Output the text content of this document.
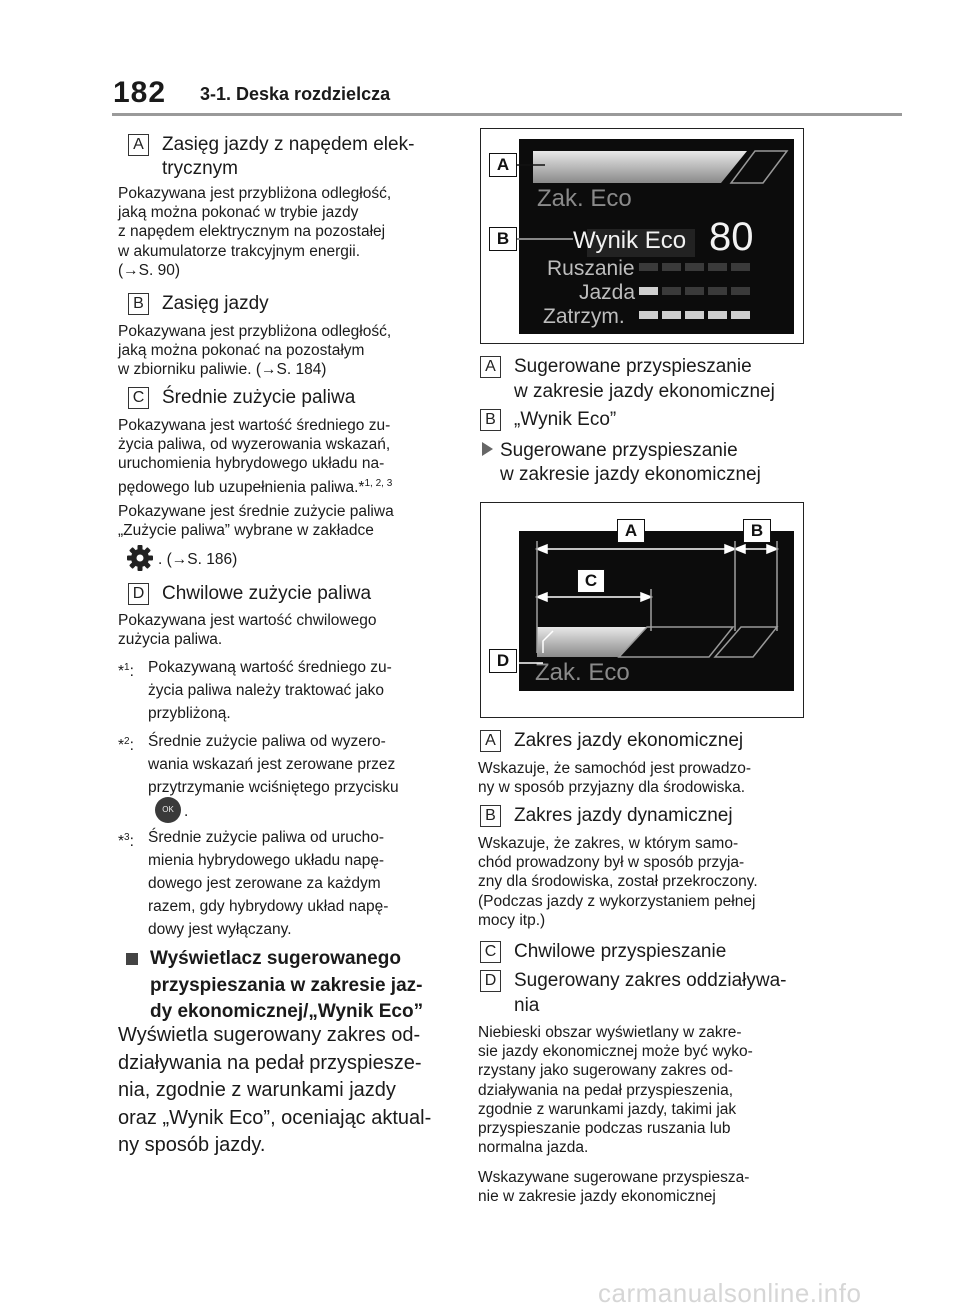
182 3-1. Deska rozdzielcza
A Zasięg jazdy z napędem elek-
trycznym
Pokazywana jest przybliżona odległość,
jaką można pokonać w trybie jazdy
z napędem elektrycznym na pozostałej
w akumulatorze trakcyjnym energii.
(→S. 90)
B Zasięg jazdy
Pokazywana jest przybliżona odległość,
jaką można pokonać na pozostałym
w zbiorniku paliwie. (→S. 184)
C Średnie zużycie paliwa
Pokazywana jest wartość średniego zu-
życia paliwa, od wyzerowania wskazań,
uruchomienia hybrydowego układu na-
pędowego lub uzupełnienia paliwa.*$^{1, 2, 3}$
Pokazywane jest średnie zużycie paliwa
„Zużycie paliwa” wybrane w zakładce
. (→S. 186)
D Chwilowe zużycie paliwa
Pokazywana jest wartość chwilowego
zużycia paliwa.

*$^1$:

Pokazywaną wartość średniego zu-
życia paliwa należy traktować jako
przybliżoną.

*$^2$:

Średnie zużycie paliwa od wyzero-
wania wskazań jest zerowane przez
przytrzymanie wciśniętego przycisku

OK .

*$^3$:

Średnie zużycie paliwa od urucho-
mienia hybrydowego układu napę-
dowego jest zerowane za każdym
razem, gdy hybrydowy układ napę-
dowy jest wyłączany.

Wyświetlacz sugerowanego
przyspieszania w zakresie jaz-
dy ekonomicznej/„Wynik Eco”
Wyświetla sugerowany zakres od-
działywania na pedał przyspiesze-
nia, zgodnie z warunkami jazdy
oraz „Wynik Eco”, oceniając aktual-
ny sposób jazdy.
Zak. Eco
Wynik Eco 80
Ruszanie
Jazda
Zatrzym.
A
B
A Sugerowane przyspieszanie
w zakresie jazdy ekonomicznej
B „Wynik Eco”
Sugerowane przyspieszanie
w zakresie jazdy ekonomicznej
Zak. Eco
A	B
C
D
A Zakres jazdy ekonomicznej
Wskazuje, że samochód jest prowadzo-
ny w sposób przyjazny dla środowiska.
B Zakres jazdy dynamicznej
Wskazuje, że zakres, w którym samo-
chód prowadzony był w sposób przyja-
zny dla środowiska, został przekroczony.
(Podczas jazdy z wykorzystaniem pełnej
mocy itp.)
C Chwilowe przyspieszanie
D Sugerowany zakres oddziaływa-
nia
Niebieski obszar wyświetlany w zakre-
sie jazdy ekonomicznej może być wyko-
rzystany jako sugerowany zakres od-
działywania na pedał przyspieszenia,
zgodnie z warunkami jazdy, takimi jak
przyspieszanie podczas ruszania lub
normalna jazda.
Wskazywane sugerowane przyspiesza-
nie w zakresie jazdy ekonomicznej
carmanualsonline.info
